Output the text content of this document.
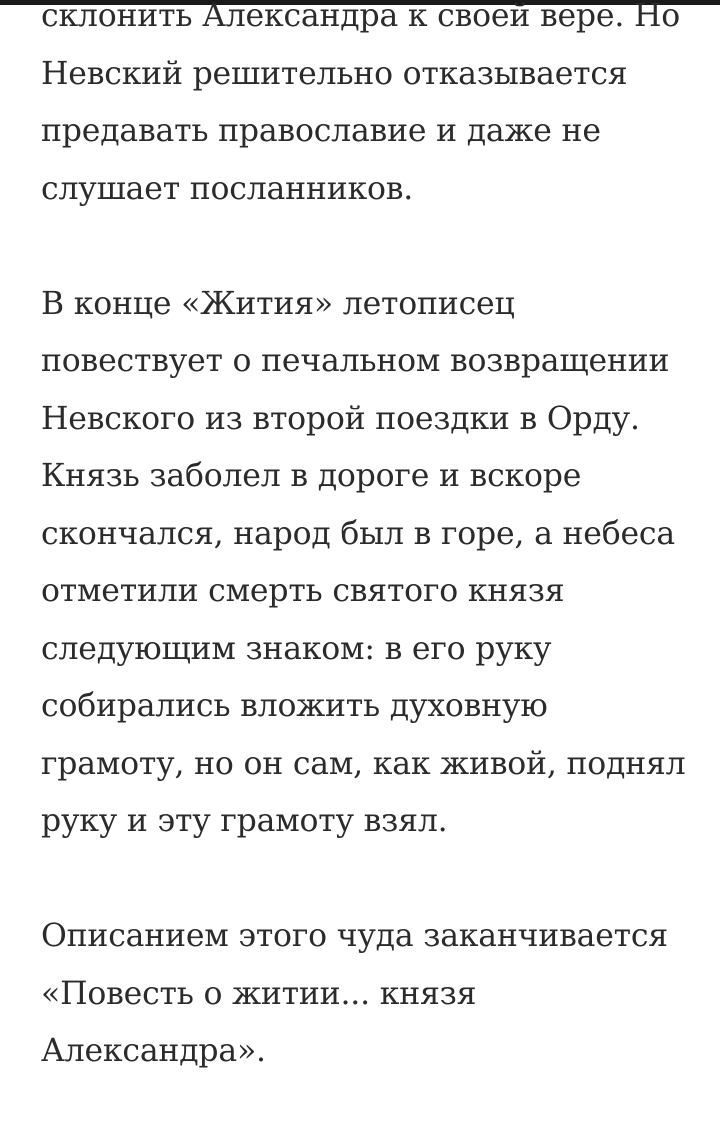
склонить Александра к своей вере. Но
Невский решительно отказывается
предавать православие и даже не
слушает посланников.

В конце «Жития» летописец
повествует о печальном возвращении
Невского из второй поездки в Орду.
Князь заболел в дороге и вскоре
скончался, народ был в горе, а небеса
отметили смерть святого князя
следующим знаком: в его руку
собирались вложить духовную
грамоту, но он сам, как живой, поднял
руку и эту грамоту взял.

Описанием этого чуда заканчивается
«Повесть о житии... князя
Александра».
